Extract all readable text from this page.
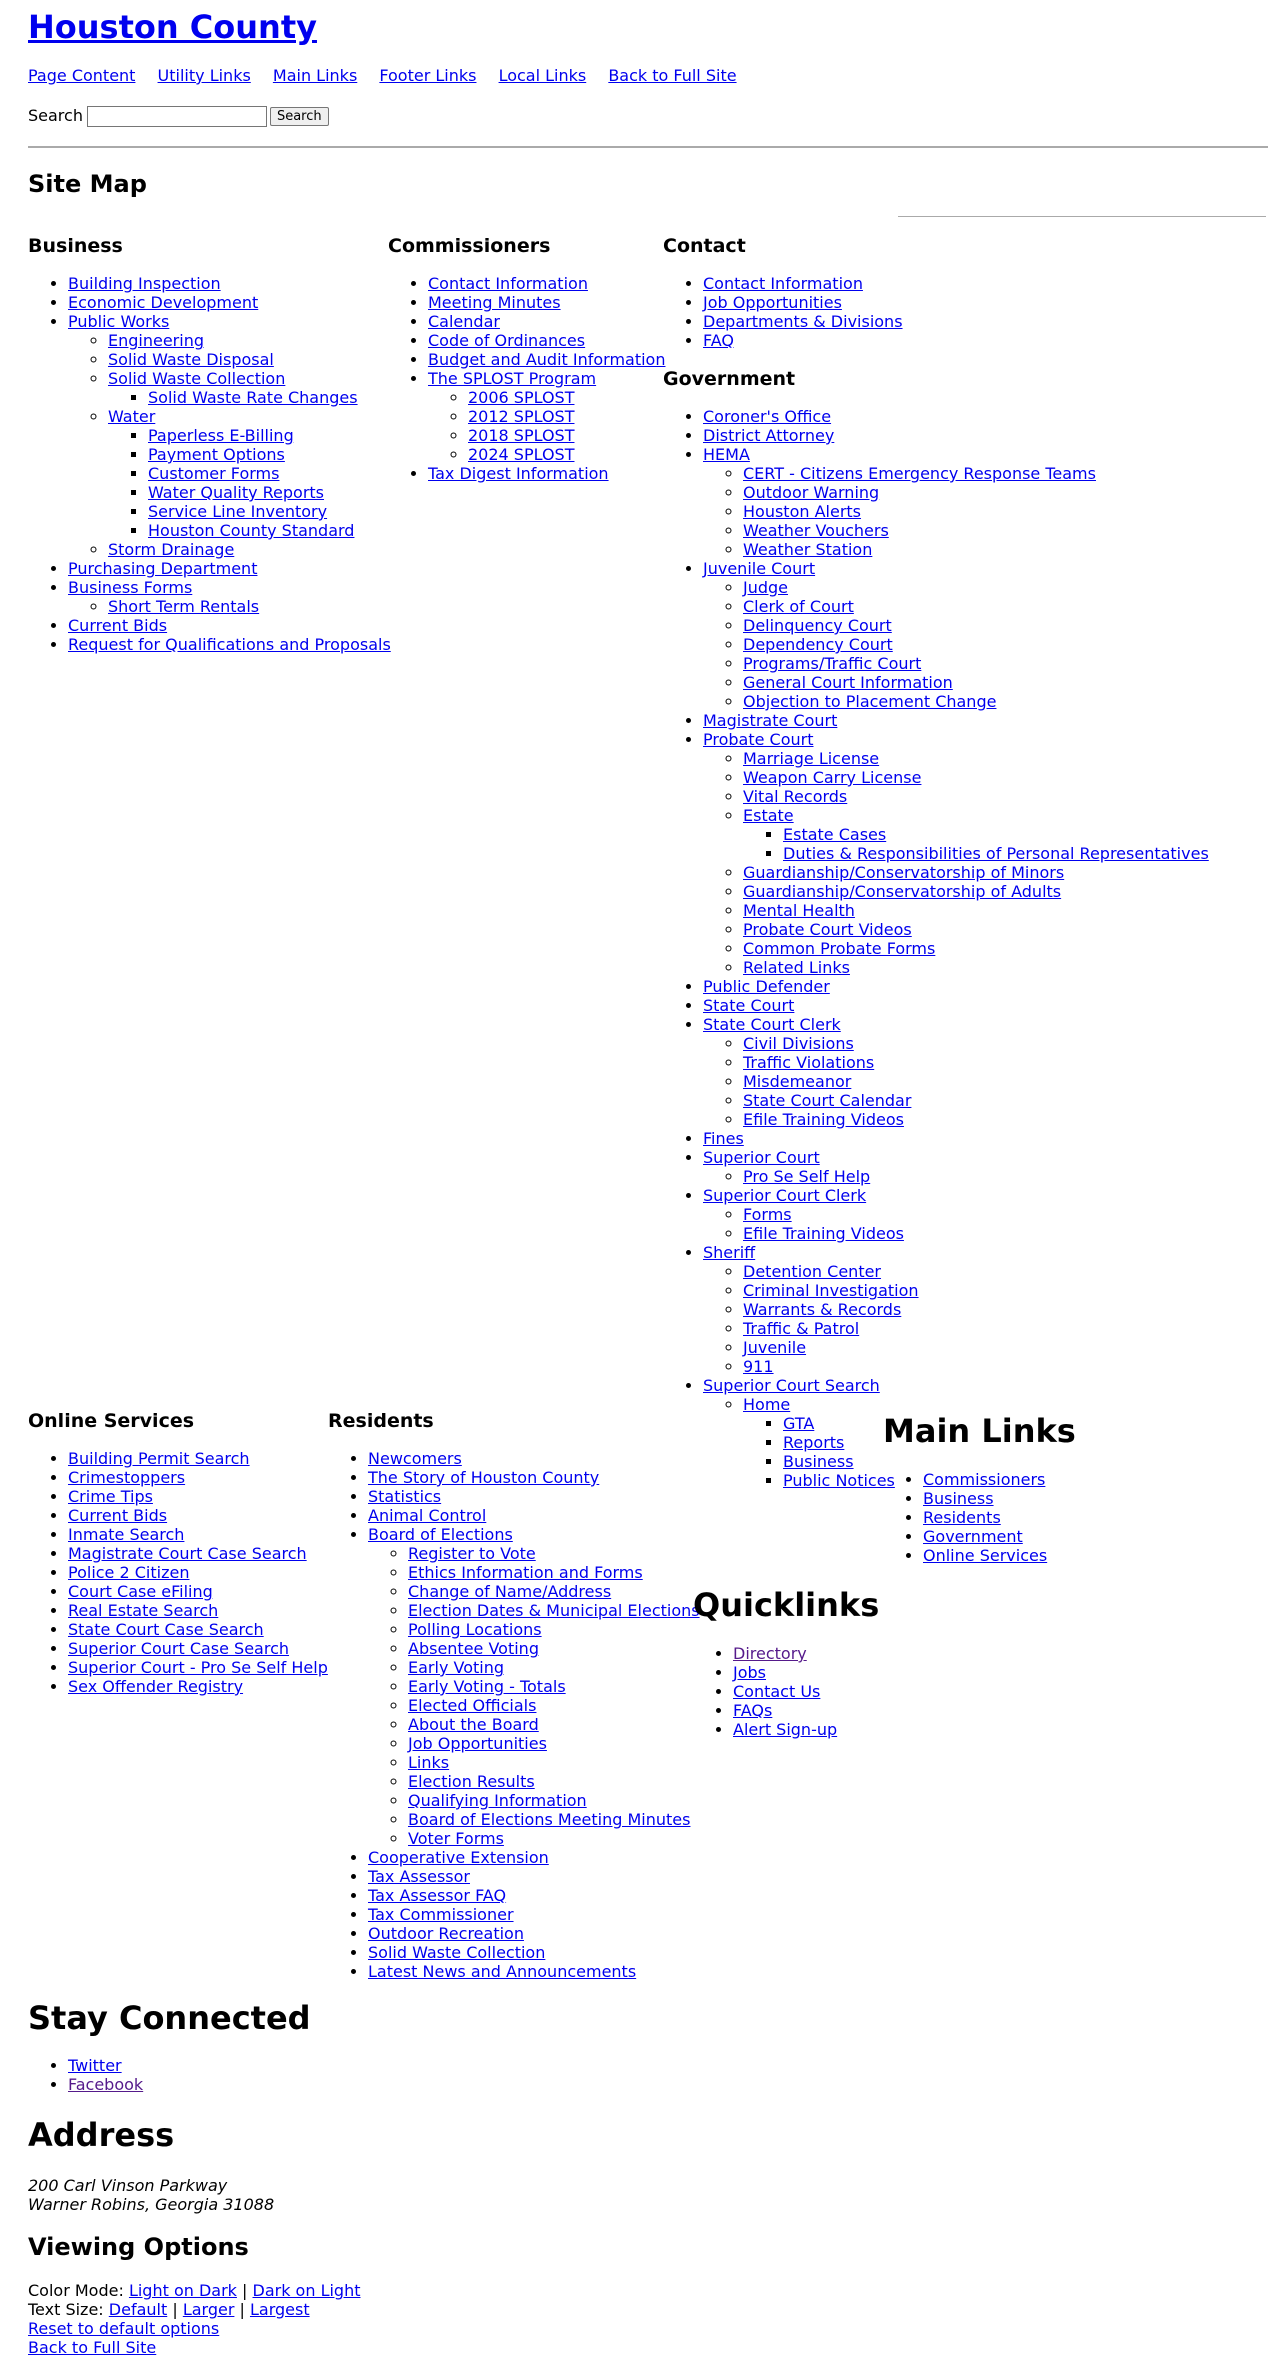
Houston County
Page Content Utility Links Main Links Footer Links Local Links Back to Full Site
Search	Search
Site Map
Business
• Building Inspection
• Economic Development
• Public Works
◦ Engineering
◦ Solid Waste Disposal
◦ Solid Waste Collection
▪ Solid Waste Rate Changes
◦ Water
▪ Paperless E-Billing
▪ Payment Options
▪ Customer Forms
▪ Water Quality Reports
▪ Service Line Inventory
▪ Houston County Standard
◦ Storm Drainage
• Purchasing Department
• Business Forms
◦ Short Term Rentals
• Current Bids
• Request for Qualifications and Proposals
Commissioners
• Contact Information
• Meeting Minutes
• Calendar
• Code of Ordinances
• Budget and Audit Information
• The SPLOST Program
◦ 2006 SPLOST
◦ 2012 SPLOST
◦ 2018 SPLOST
◦ 2024 SPLOST
• Tax Digest Information
Contact
• Contact Information
• Job Opportunities
• Departments & Divisions
• FAQ
Government
• Coroner's Office
• District Attorney
• HEMA
◦ CERT - Citizens Emergency Response Teams
◦ Outdoor Warning
◦ Houston Alerts
◦ Weather Vouchers
◦ Weather Station
• Juvenile Court
◦ Judge
◦ Clerk of Court
◦ Delinquency Court
◦ Dependency Court
◦ Programs/Traffic Court
◦ General Court Information
◦ Objection to Placement Change
• Magistrate Court
• Probate Court
◦ Marriage License
◦ Weapon Carry License
◦ Vital Records
◦ Estate
▪ Estate Cases
▪ Duties & Responsibilities of Personal Representatives
◦ Guardianship/Conservatorship of Minors
◦ Guardianship/Conservatorship of Adults
◦ Mental Health
◦ Probate Court Videos
◦ Common Probate Forms
◦ Related Links
• Public Defender
• State Court
• State Court Clerk
◦ Civil Divisions
◦ Traffic Violations
◦ Misdemeanor
◦ State Court Calendar
◦ Efile Training Videos
• Fines
• Superior Court
◦ Pro Se Self Help
• Superior Court Clerk
◦ Forms
◦ Efile Training Videos
• Sheriff
◦ Detention Center
◦ Criminal Investigation
◦ Warrants & Records
◦ Traffic & Patrol
◦ Juvenile
◦ 911
• Superior Court Search
◦ Home
▪ GTA
▪ Reports
▪ Business
▪ Public Notices
Online Services
• Building Permit Search
• Crimestoppers
• Crime Tips
• Current Bids
• Inmate Search
• Magistrate Court Case Search
• Police 2 Citizen
• Court Case eFiling
• Real Estate Search
• State Court Case Search
• Superior Court Case Search
• Superior Court - Pro Se Self Help
• Sex Offender Registry
Residents
• Newcomers
• The Story of Houston County
• Statistics
• Animal Control
• Board of Elections
◦ Register to Vote
◦ Ethics Information and Forms
◦ Change of Name/Address
◦ Election Dates & Municipal Elections
◦ Polling Locations
◦ Absentee Voting
◦ Early Voting
◦ Early Voting - Totals
◦ Elected Officials
◦ About the Board
◦ Job Opportunities
◦ Links
◦ Election Results
◦ Qualifying Information
◦ Board of Elections Meeting Minutes
◦ Voter Forms
• Cooperative Extension
• Tax Assessor
• Tax Assessor FAQ
• Tax Commissioner
• Outdoor Recreation
• Solid Waste Collection
• Latest News and Announcements
Main Links
• Commissioners
• Business
• Residents
• Government
• Online Services
Quicklinks
• Directory
• Jobs
• Contact Us
• FAQs
• Alert Sign-up
Stay Connected
• Twitter
• Facebook
Address
200 Carl Vinson Parkway
Warner Robins, Georgia 31088
Viewing Options
Color Mode: Light on Dark | Dark on Light
Text Size: Default | Larger | Largest
Reset to default options
Back to Full Site
